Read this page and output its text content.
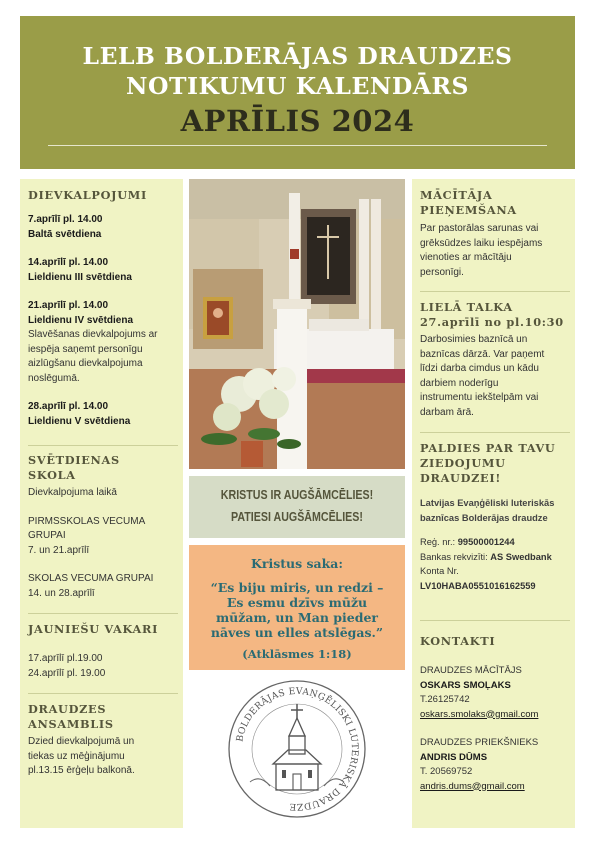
LELB BOLDERĀJAS DRAUDZES
NOTIKUMU KALENDĀRS
APRĪLIS 2024
DIEVKALPOJUMI
7.aprīlī pl. 14.00
Baltā svētdiena
14.aprīlī pl. 14.00
Lieldienu III svētdiena
21.aprīlī pl. 14.00
Lieldienu IV svētdiena
Slavēšanas dievkalpojums ar
iespēja saņemt personīgu
aizlūgšanu dievkalpojuma
noslēgumā.
28.aprīlī pl. 14.00
Lieldienu V svētdiena
SVĒTDIENAS
SKOLA
Dievkalpojuma laikā
PIRMSSKOLAS VECUMA
GRUPAI
7. un 21.aprīlī
SKOLAS VECUMA GRUPAI
14. un 28.aprīlī
JAUNIEŠU VAKARI
17.aprīlī pl.19.00
24.aprīlī pl. 19.00
DRAUDZES
ANSAMBLIS
Dzied dievkalpojumā un
tiekas uz mēģinājumu
pl.13.15 ērģeļu balkonā.
KRISTUS IR AUGŠĀMCĒLIES!
PATIESI AUGŠĀMCĒLIES!
Kristus saka:
“Es biju miris, un redzi –
Es esmu dzīvs mūžu
mūžam, un Man pieder
nāves un elles atslēgas.”
(Atklāsmes 1:18)
BOLDERĀJAS EVAŅĢĒLISKI LUTERISKĀ DRAUDZE
MĀCĪTĀJA
PIEŅEMŠANA
Par pastorālas sarunas vai
grēksūdzes laiku iespējams
vienoties ar mācītāju
personīgi.
LIELĀ TALKA
27.aprīlī no pl.10:30
Darbosimies baznīcā un
baznīcas dārzā. Var paņemt
līdzi darba cimdus un kādu
darbiem noderīgu
instrumentu iekštelpām vai
darbam ārā.
PALDIES PAR TAVU
ZIEDOJUMU
DRAUDZEI!
Latvijas Evaņģēliski luteriskās
baznīcas Bolderājas draudze
Reģ. nr.: 99500001244
Bankas rekvizīti: AS Swedbank
Konta Nr.
LV10HABA0551016162559
KONTAKTI
DRAUDZES MĀCĪTĀJS
OSKARS SMOĻAKS
T.26125742
oskars.smolaks@gmail.com
DRAUDZES PRIEKŠNIEKS
ANDRIS DŪMS
T. 20569752
andris.dums@gmail.com
